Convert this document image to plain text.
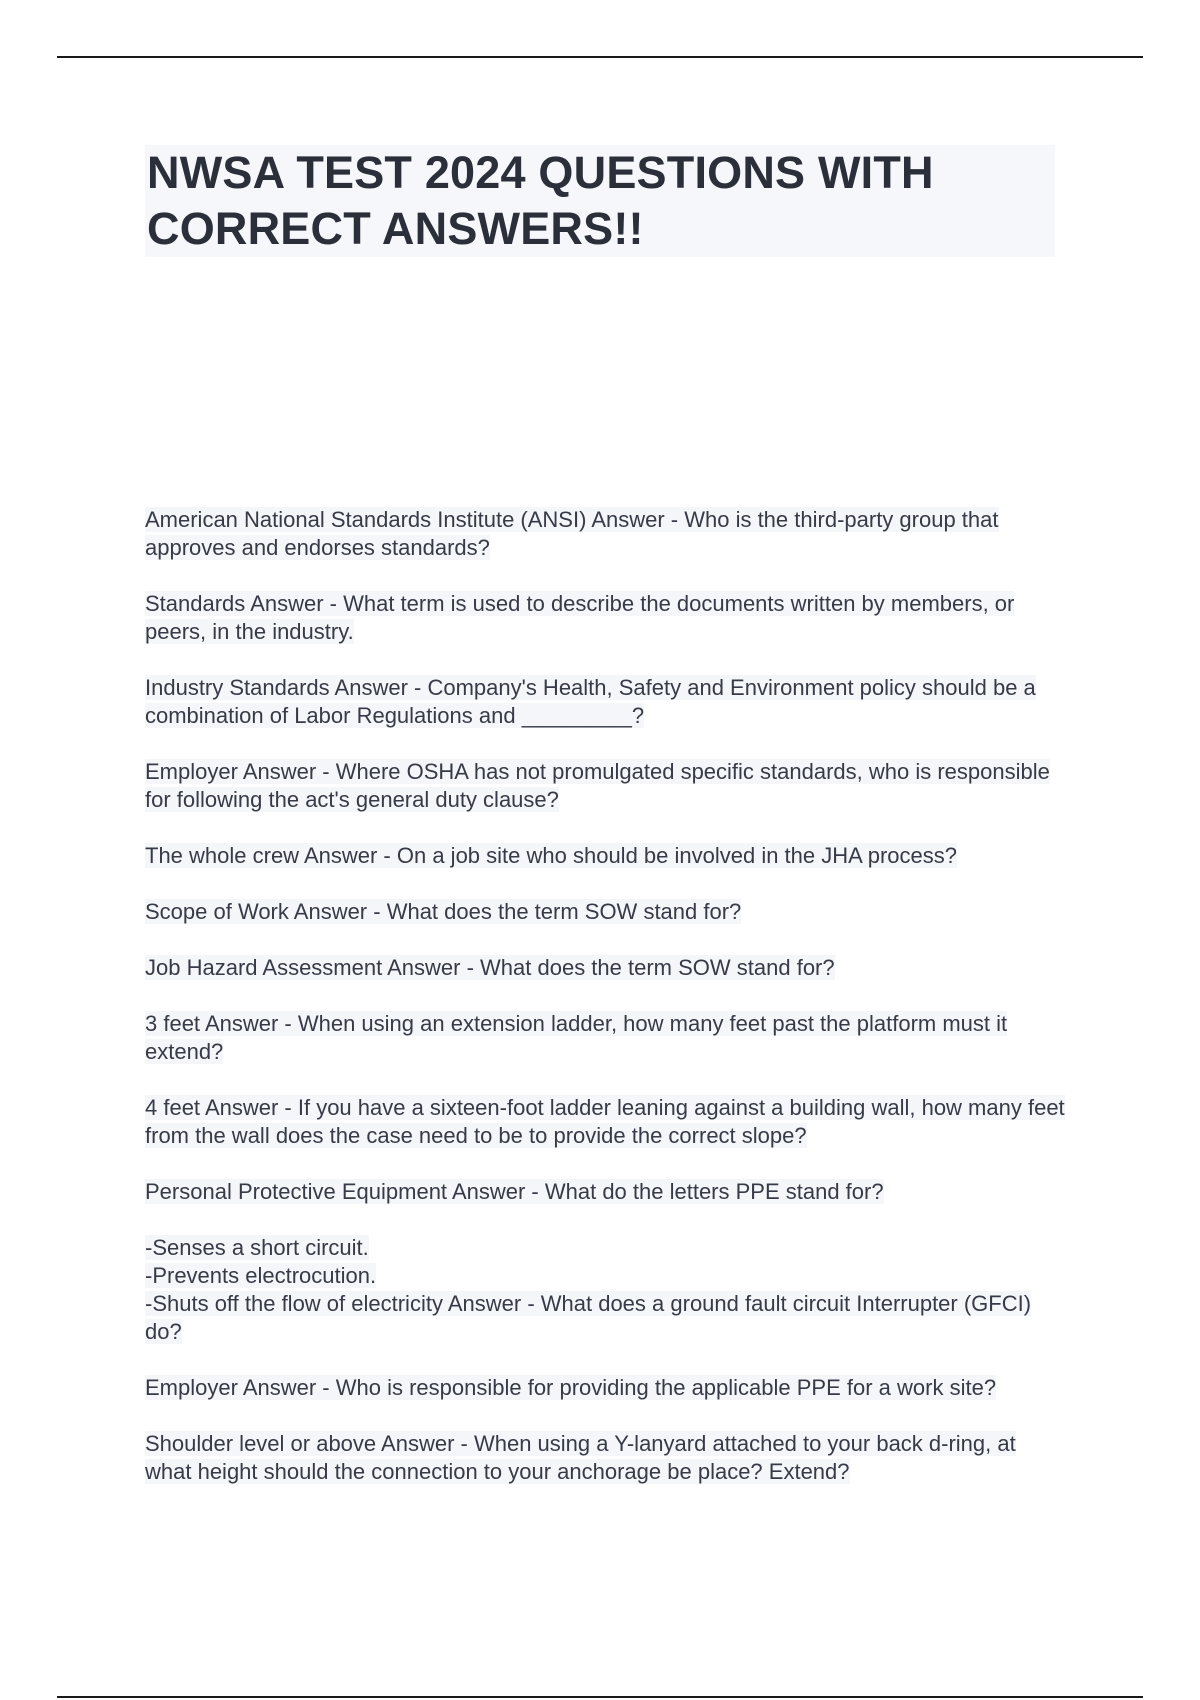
NWSA TEST 2024 QUESTIONS WITH CORRECT ANSWERS!!
American National Standards Institute (ANSI) Answer - Who is the third-party group that approves and endorses standards?
Standards Answer - What term is used to describe the documents written by members, or peers, in the industry.
Industry Standards Answer - Company's Health, Safety and Environment policy should be a combination of Labor Regulations and _________?
Employer Answer - Where OSHA has not promulgated specific standards, who is responsible for following the act's general duty clause?
The whole crew Answer - On a job site who should be involved in the JHA process?
Scope of Work Answer - What does the term SOW stand for?
Job Hazard Assessment Answer - What does the term SOW stand for?
3 feet Answer - When using an extension ladder, how many feet past the platform must it extend?
4 feet Answer - If you have a sixteen-foot ladder leaning against a building wall, how many feet from the wall does the case need to be to provide the correct slope?
Personal Protective Equipment Answer - What do the letters PPE stand for?
-Senses a short circuit.
-Prevents electrocution.
-Shuts off the flow of electricity Answer - What does a ground fault circuit Interrupter (GFCI) do?
Employer Answer - Who is responsible for providing the applicable PPE for a work site?
Shoulder level or above Answer - When using a Y-lanyard attached to your back d-ring, at what height should the connection to your anchorage be place? Extend?
